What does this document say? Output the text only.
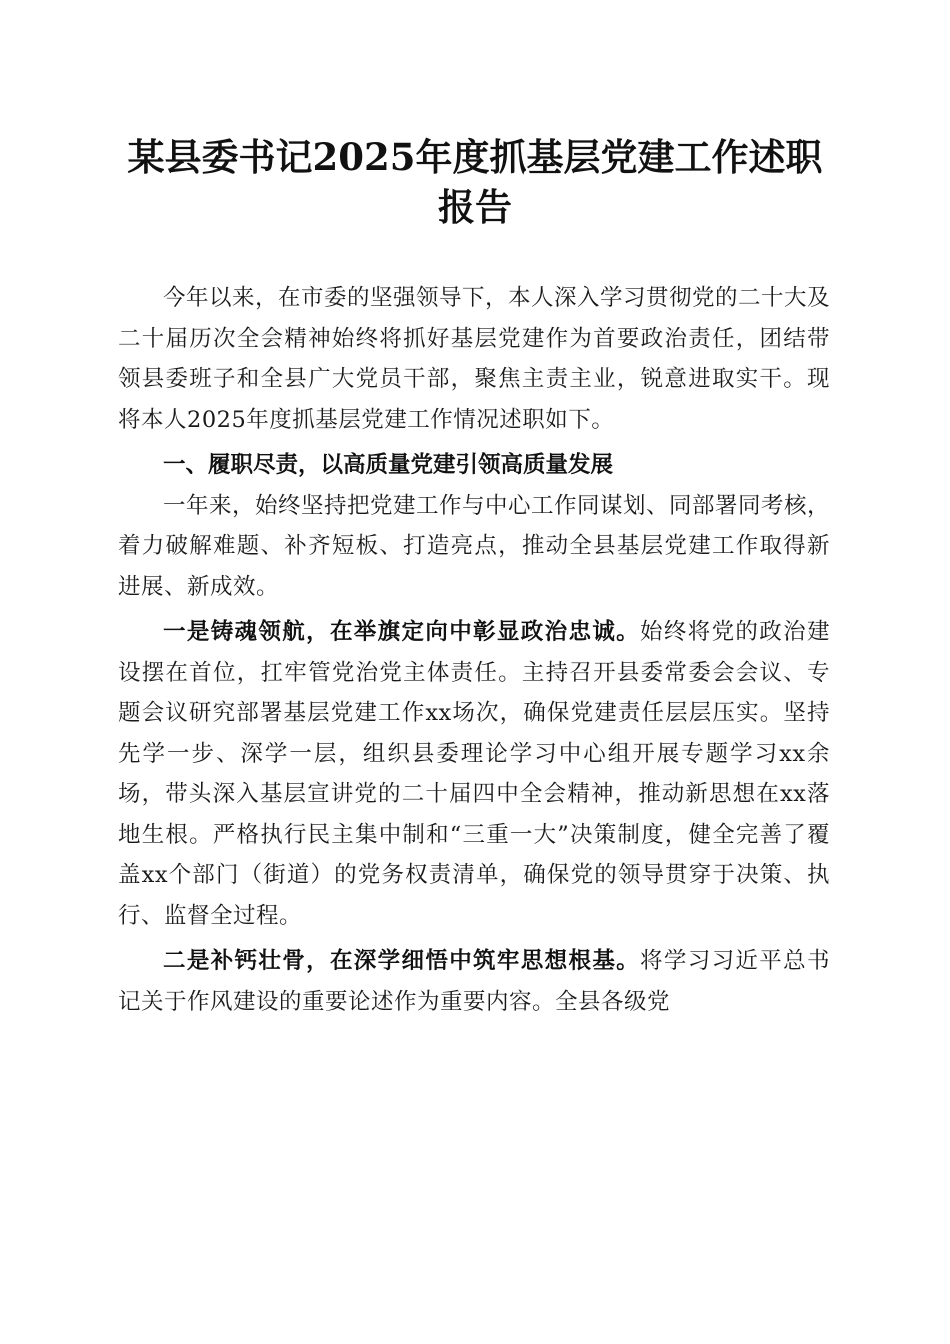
某县委书记2025年度抓基层党建工作述职报告

今年以来，在市委的坚强领导下，本人深入学习贯彻党的二十大及二十届历次全会精神始终将抓好基层党建作为首要政治责任，团结带领县委班子和全县广大党员干部，聚焦主责主业，锐意进取实干。现将本人2025年度抓基层党建工作情况述职如下。

一、履职尽责，以高质量党建引领高质量发展

一年来，始终坚持把党建工作与中心工作同谋划、同部署同考核，着力破解难题、补齐短板、打造亮点，推动全县基层党建工作取得新进展、新成效。

一是铸魂领航，在举旗定向中彰显政治忠诚。始终将党的政治建设摆在首位，扛牢管党治党主体责任。主持召开县委常委会会议、专题会议研究部署基层党建工作xx场次，确保党建责任层层压实。坚持先学一步、深学一层，组织县委理论学习中心组开展专题学习xx余场，带头深入基层宣讲党的二十届四中全会精神，推动新思想在xx落地生根。严格执行民主集中制和“三重一大”决策制度，健全完善了覆盖xx个部门（街道）的党务权责清单，确保党的领导贯穿于决策、执行、监督全过程。

二是补钙壮骨，在深学细悟中筑牢思想根基。将学习习近平总书记关于作风建设的重要论述作为重要内容。全县各级党
